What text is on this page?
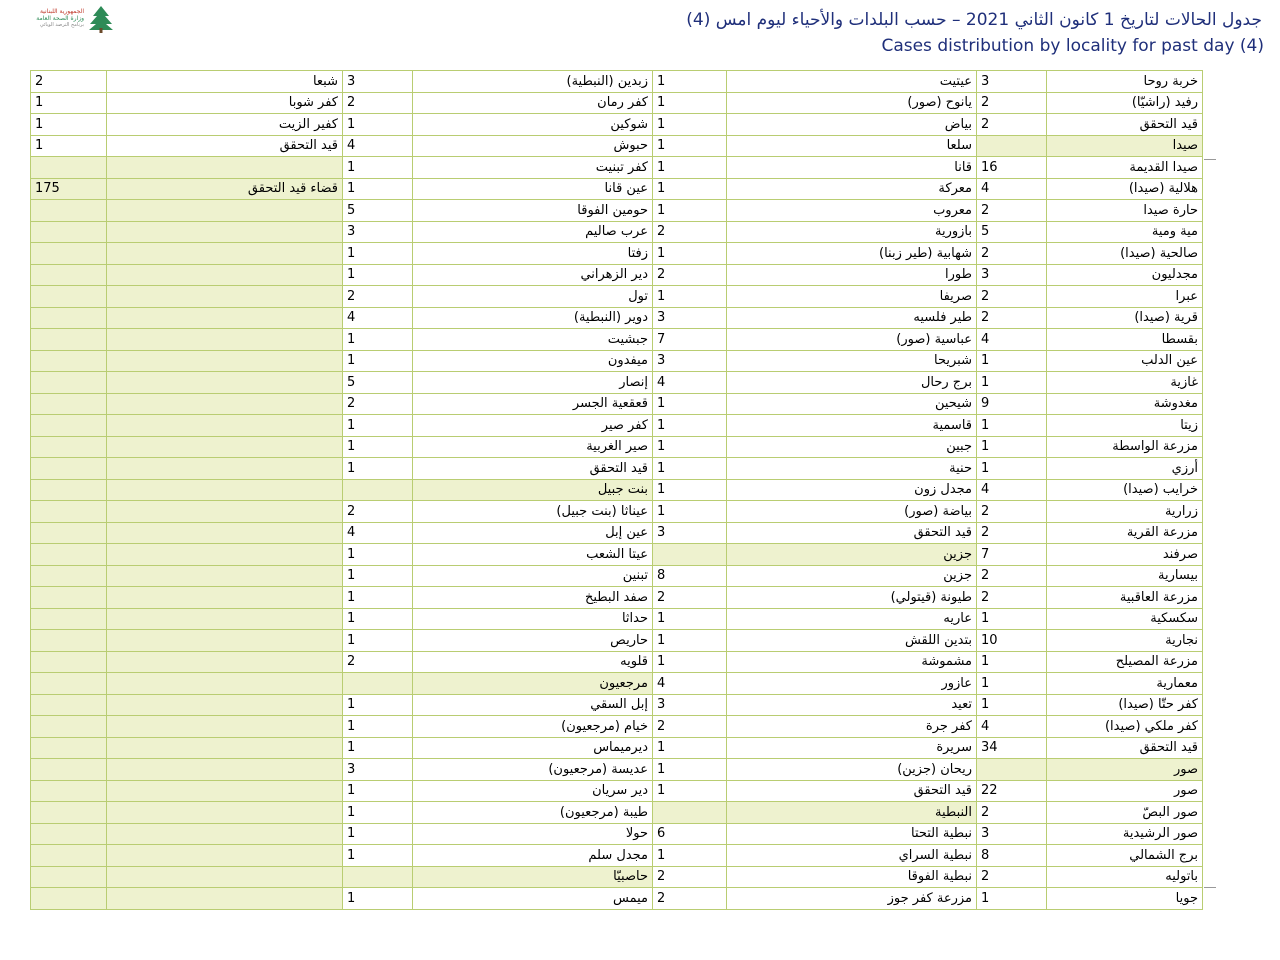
الجمهورية اللبنانية
وزارة الصحة العامة
برنامج الترصد الوبائي	جدول الحالات لتاريخ 1 كانون الثاني 2021 – حسب البلدات والأحياء ليوم امس (4)
Cases distribution by locality for past day (4)
2	شبعا	3	زبدين (النبطية)	1	عيتيت	3	خربة روحا
1	كفر شوبا	2	كفر رمان	1	يانوح (صور)	2	رفيد (راشيّا)
1	كفير الزيت	1	شوكين	1	بياض	2	قيد التحقق
1	قيد التحقق	4	حبوش	1	سلعا		صيدا
		1	كفر تبنيت	1	قانا	16	صيدا القديمة
175	قضاء قيد التحقق	1	عين قانا	1	معركة	4	هلالية (صيدا)
		5	حومين الفوقا	1	معروب	2	حارة صيدا
		3	عرب صاليم	2	بازورية	5	مية ومية
		1	زفتا	1	شهابية (طير زبنا)	2	صالحية (صيدا)
		1	دير الزهراني	2	طورا	3	مجدليون
		2	تول	1	صريفا	2	عبرا
		4	دوير (النبطية)	3	طير فلسيه	2	قرية (صيدا)
		1	جبشيت	7	عباسية (صور)	4	بقسطا
		1	ميفدون	3	شبريحا	1	عين الدلب
		5	إنصار	4	برج رحال	1	غازية
		2	قعقعية الجسر	1	شيحين	9	مغدوشة
		1	كفر صير	1	قاسمية	1	زيتا
		1	صير الغربية	1	جبين	1	مزرعة الواسطة
		1	قيد التحقق	1	حنية	1	أرزي
			بنت جبيل	1	مجدل زون	4	خرايب (صيدا)
		2	عيناثا (بنت جبيل)	1	بياضة (صور)	2	زرارية
		4	عين إبل	3	قيد التحقق	2	مزرعة القرية
		1	عيتا الشعب		جزين	7	صرفند
		1	تبنين	8	جزين	2	بيسارية
		1	صفد البطيخ	2	طيونة (قيتولي)	2	مزرعة العاقبية
		1	حداثا	1	عاريه	1	سكسكية
		1	حاريص	1	بتدين اللقش	10	نجارية
		2	قلويه	1	مشموشة	1	مزرعة المصيلح
			مرجعيون	4	عازور	1	معمارية
		1	إبل السقي	3	تعيد	1	كفر حتّا (صيدا)
		1	خيام (مرجعيون)	2	كفر جرة	4	كفر ملكي (صيدا)
		1	ديرميماس	1	سريرة	34	قيد التحقق
		3	عديسة (مرجعيون)	1	ريحان (جزين)		صور
		1	دير سريان	1	قيد التحقق	22	صور
		1	طيبة (مرجعيون)		النبطية	2	صور البصّ
		1	حولا	6	نبطية التحتا	3	صور الرشيدية
		1	مجدل سلم	1	نبطية السراي	8	برج الشمالي
			حاصبيّا	2	نبطية الفوقا	2	باتوليه
		1	ميمس	2	مزرعة كفر جوز	1	جويا
